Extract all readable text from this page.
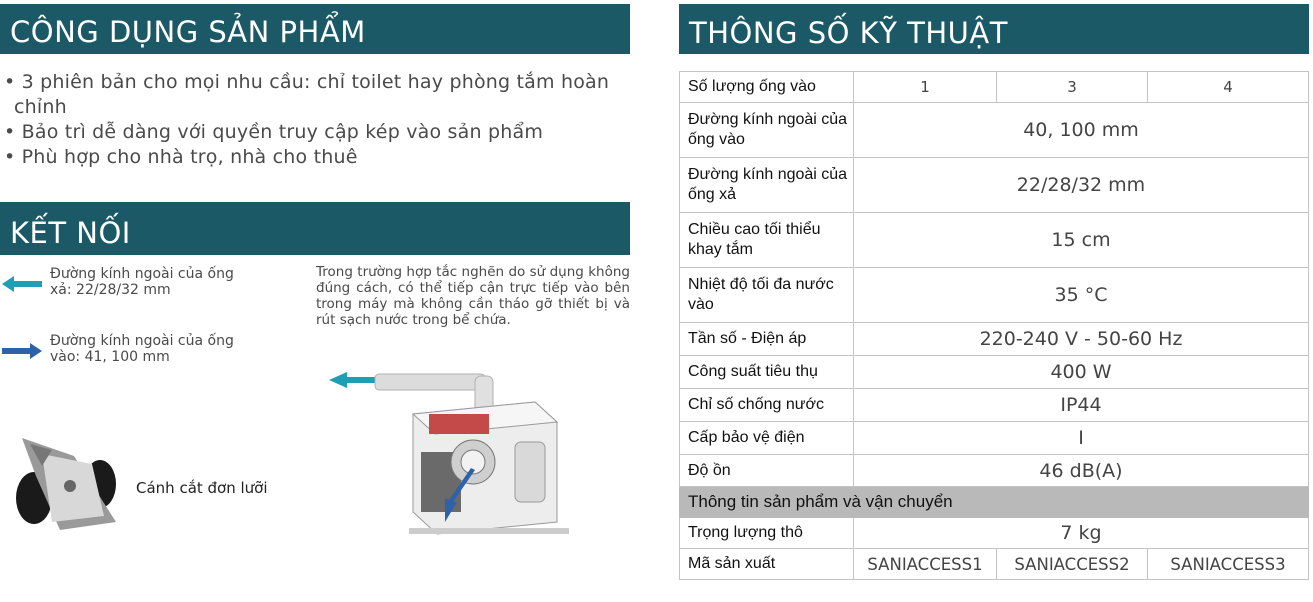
CÔNG DỤNG SẢN PHẨM
• 3 phiên bản cho mọi nhu cầu: chỉ toilet hay phòng tắm hoàn chỉnh
• Bảo trì dễ dàng với quyền truy cập kép vào sản phẩm
• Phù hợp cho nhà trọ, nhà cho thuê
KẾT NỐI
Đường kính ngoài của ống xả: 22/28/32 mm
Đường kính ngoài của ống vào: 41, 100 mm
Trong trường hợp tắc nghẽn do sử dụng không đúng cách, có thể tiếp cận trực tiếp vào bên trong máy mà không cần tháo gỡ thiết bị và rút sạch nước trong bể chứa.
Cánh cắt đơn lưỡi
THÔNG SỐ KỸ THUẬT
Số lượng ống vào	1	3	4
Đường kính ngoài của ống vào	40, 100 mm		
Đường kính ngoài của ống xả	22/28/32 mm		
Chiều cao tối thiểu khay tắm	15 cm		
Nhiệt độ tối đa nước vào	35 °C		
Tần số - Điện áp	220-240 V - 50-60 Hz		
Công suất tiêu thụ	400 W		
Chỉ số chống nước	IP44		
Cấp bảo vệ điện	I		
Độ ồn	46 dB(A)		
Thông tin sản phẩm và vận chuyển			
Trọng lượng thô	7 kg		
Mã sản xuất	SANIACCESS1	SANIACCESS2	SANIACCESS3
